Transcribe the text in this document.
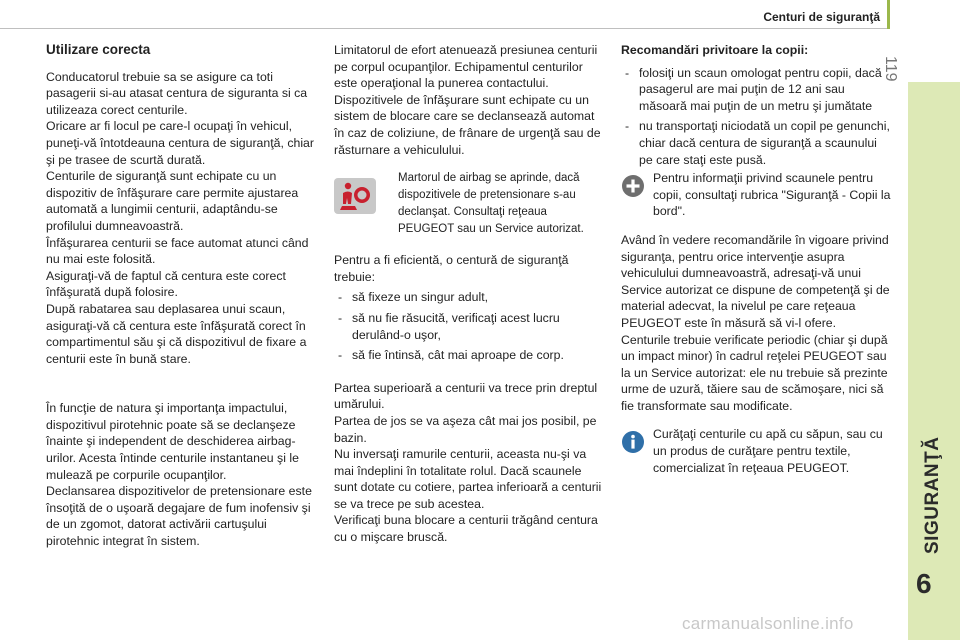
Centuri de siguranţă
119
SIGURANŢĂ
6
Utilizare corecta

Conducatorul trebuie sa se asigure ca toti pasagerii si-au atasat centura de siguranta si ca utilizeaza corect centurile.

Oricare ar fi locul pe care-l ocupaţi în vehicul, puneţi-vă întotdeauna centura de siguranţă, chiar şi pe trasee de scurtă durată.

Centurile de siguranţă sunt echipate cu un dispozitiv de înfăşurare care permite ajustarea automată a lungimii centurii, adaptându-se profilului dumneavoastră.

Înfăşurarea centurii se face automat atunci când nu mai este folosită.

Asiguraţi-vă de faptul că centura este corect înfăşurată după folosire.

După rabatarea sau deplasarea unui scaun, asiguraţi-vă că centura este înfăşurată corect în compartimentul său şi că dispozitivul de fixare a centurii este în bună stare.

În funcţie de natura şi importanţa impactului, dispozitivul pirotehnic poate să se declanşeze înainte şi independent de deschiderea airbag-urilor. Acesta întinde centurile instantaneu şi le mulează pe corpurile ocupanţilor.

Declansarea dispozitivelor de pretensionare este însoţită de o uşoară degajare de fum inofensiv şi de un zgomot, datorat activării cartuşului pirotehnic integrat în sistem.

Limitatorul de efort atenuează presiunea centurii pe corpul ocupanţilor. Echipamentul centurilor este operaţional la punerea contactului.

Dispozitivele de înfăşurare sunt echipate cu un sistem de blocare care se declansează automat în caz de coliziune, de frânare de urgenţă sau de răsturnare a vehiculului.

Martorul de airbag se aprinde, dacă dispozitivele de pretensionare s-au declanşat. Consultaţi reţeaua PEUGEOT sau un Service autorizat.

Pentru a fi eficientă, o centură de siguranţă trebuie:

- să fixeze un singur adult,

- să nu fie răsucită, verificaţi acest lucru derulând-o uşor,

- să fie întinsă, cât mai aproape de corp.

Partea superioară a centurii va trece prin dreptul umărului.

Partea de jos se va aşeza cât mai jos posibil, pe bazin.

Nu inversaţi ramurile centurii, aceasta nu-şi va mai îndeplini în totalitate rolul. Dacă scaunele sunt dotate cu cotiere, partea inferioară a centurii se va trece pe sub acestea.

Verificaţi buna blocare a centurii trăgând centura cu o mişcare bruscă.

Recomandări privitoare la copii:

- folosiţi un scaun omologat pentru copii, dacă pasagerul are mai puţin de 12 ani sau măsoară mai puţin de un metru şi jumătate

- nu transportaţi niciodată un copil pe genunchi, chiar dacă centura de siguranţă a scaunului pe care staţi este pusă.

Pentru informaţii privind scaunele pentru copii, consultaţi rubrica "Siguranţă - Copii la bord".

Având în vedere recomandările în vigoare privind siguranţa, pentru orice intervenţie asupra vehiculului dumneavoastră, adresaţi-vă unui Service autorizat ce dispune de competenţă şi de material adecvat, la nivelul pe care reţeaua PEUGEOT este în măsură să vi-l ofere.

Centurile trebuie verificate periodic (chiar şi după un impact minor) în cadrul reţelei PEUGEOT sau la un Service autorizat: ele nu trebuie să prezinte urme de uzură, tăiere sau de scămoşare, nici să fie transformate sau modificate.

Curăţaţi centurile cu apă cu săpun, sau cu un produs de curăţare pentru textile, comercializat în reţeaua PEUGEOT.

carmanualsonline.info
